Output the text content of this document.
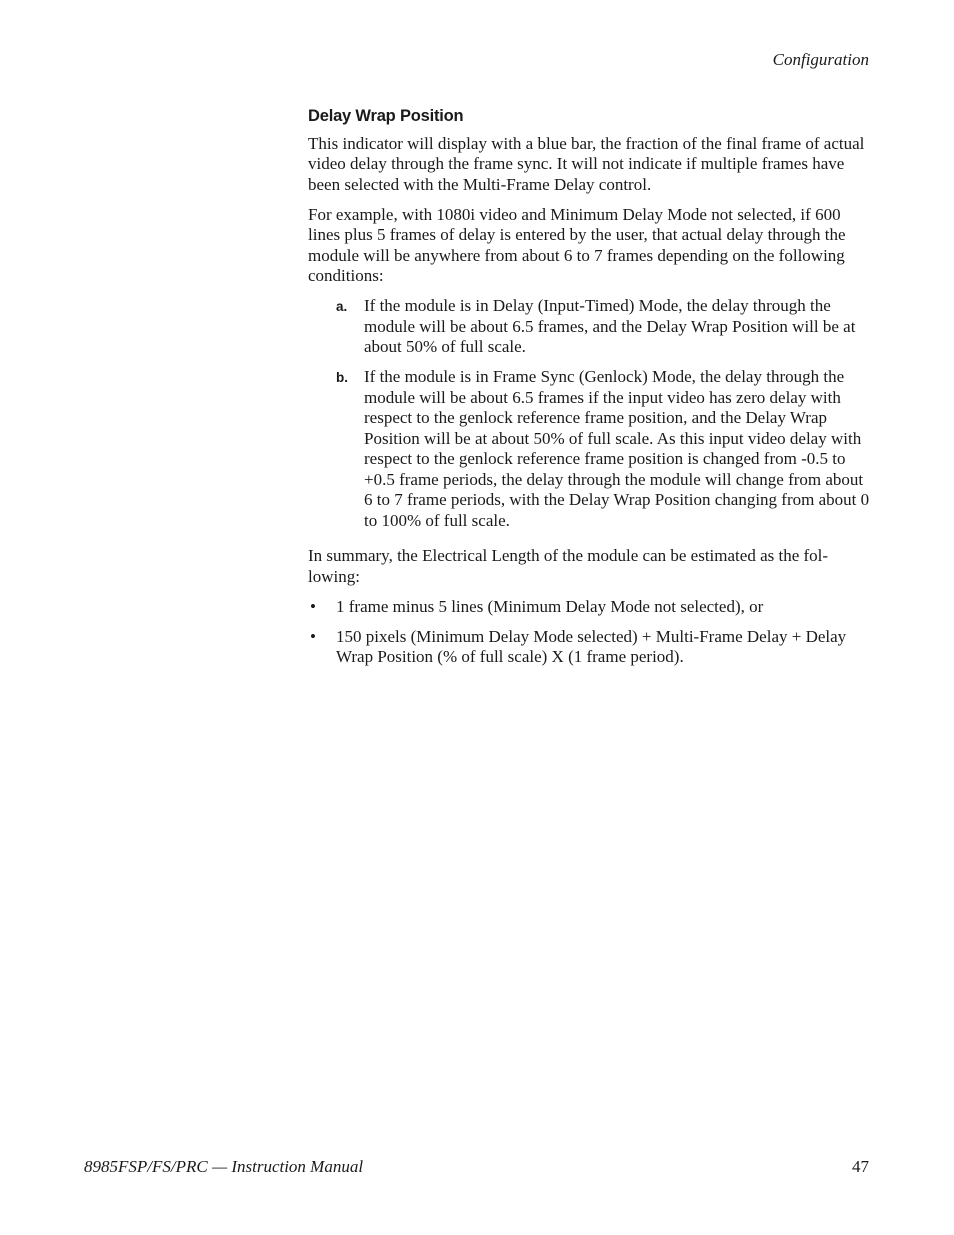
Configuration
Delay Wrap Position

This indicator will display with a blue bar, the fraction of the final frame of actual video delay through the frame sync. It will not indicate if multiple frames have been selected with the Multi-Frame Delay control.

For example, with 1080i video and Minimum Delay Mode not selected, if 600 lines plus 5 frames of delay is entered by the user, that actual delay through the module will be anywhere from about 6 to 7 frames depending on the following conditions:

a. If the module is in Delay (Input-Timed) Mode, the delay through the module will be about 6.5 frames, and the Delay Wrap Position will be at about 50% of full scale.
b. If the module is in Frame Sync (Genlock) Mode, the delay through the module will be about 6.5 frames if the input video has zero delay with respect to the genlock reference frame position, and the Delay Wrap Position will be at about 50% of full scale. As this input video delay with respect to the genlock reference frame position is changed from -0.5 to +0.5 frame periods, the delay through the module will change from about 6 to 7 frame periods, with the Delay Wrap Position changing from about 0 to 100% of full scale.

In summary, the Electrical Length of the module can be estimated as the fol-lowing:

• 1 frame minus 5 lines (Minimum Delay Mode not selected), or
• 150 pixels (Minimum Delay Mode selected) + Multi-Frame Delay + Delay Wrap Position (% of full scale) X (1 frame period).
8985FSP/FS/PRC — Instruction Manual	47
